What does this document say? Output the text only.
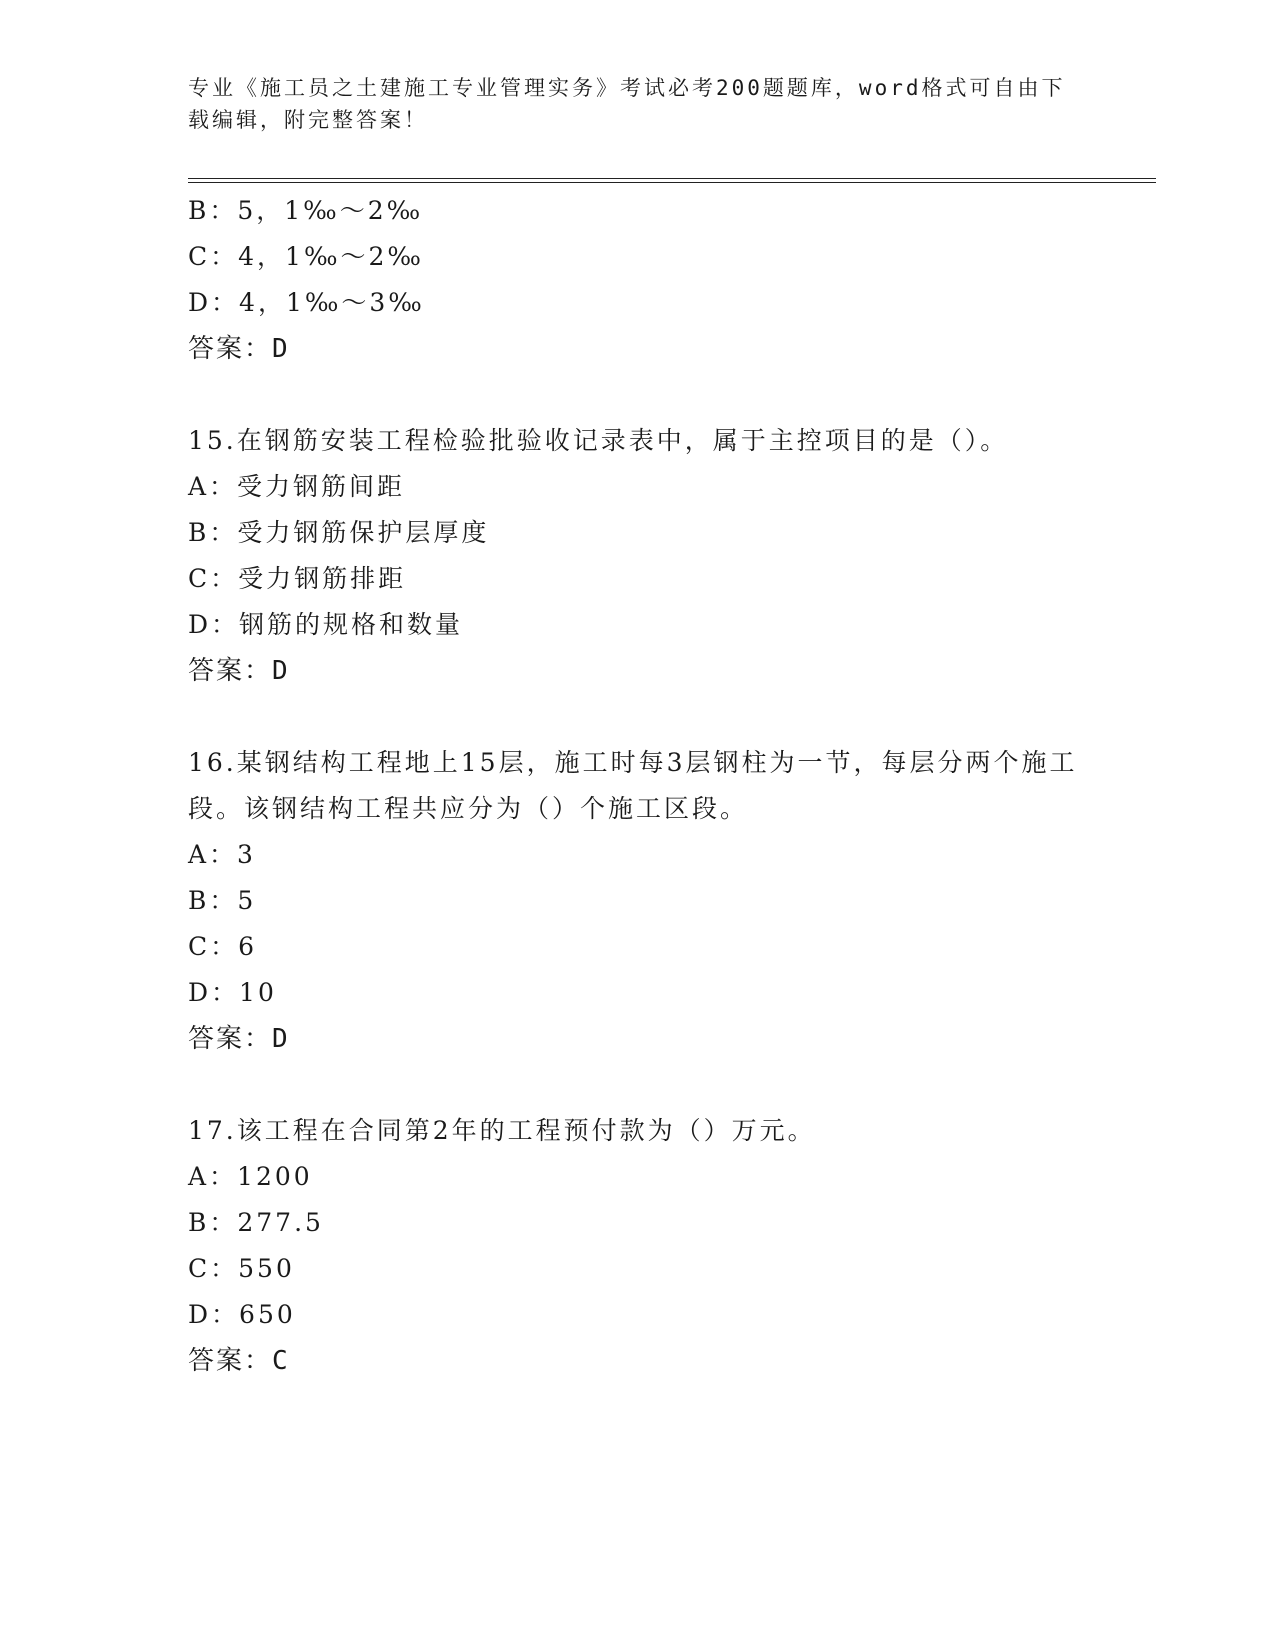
专业《施工员之土建施工专业管理实务》考试必考200题题库，word格式可自由下载编辑，附完整答案！
B：5，1‰～2‰
C：4，1‰～2‰
D：4，1‰～3‰
答案：D
15.在钢筋安装工程检验批验收记录表中，属于主控项目的是（）。
A：受力钢筋间距
B：受力钢筋保护层厚度
C：受力钢筋排距
D：钢筋的规格和数量
答案：D
16.某钢结构工程地上15层，施工时每3层钢柱为一节，每层分两个施工段。该钢结构工程共应分为（）个施工区段。
A：3
B：5
C：6
D：10
答案：D
17.该工程在合同第2年的工程预付款为（）万元。
A：1200
B：277.5
C：550
D：650
答案：C
